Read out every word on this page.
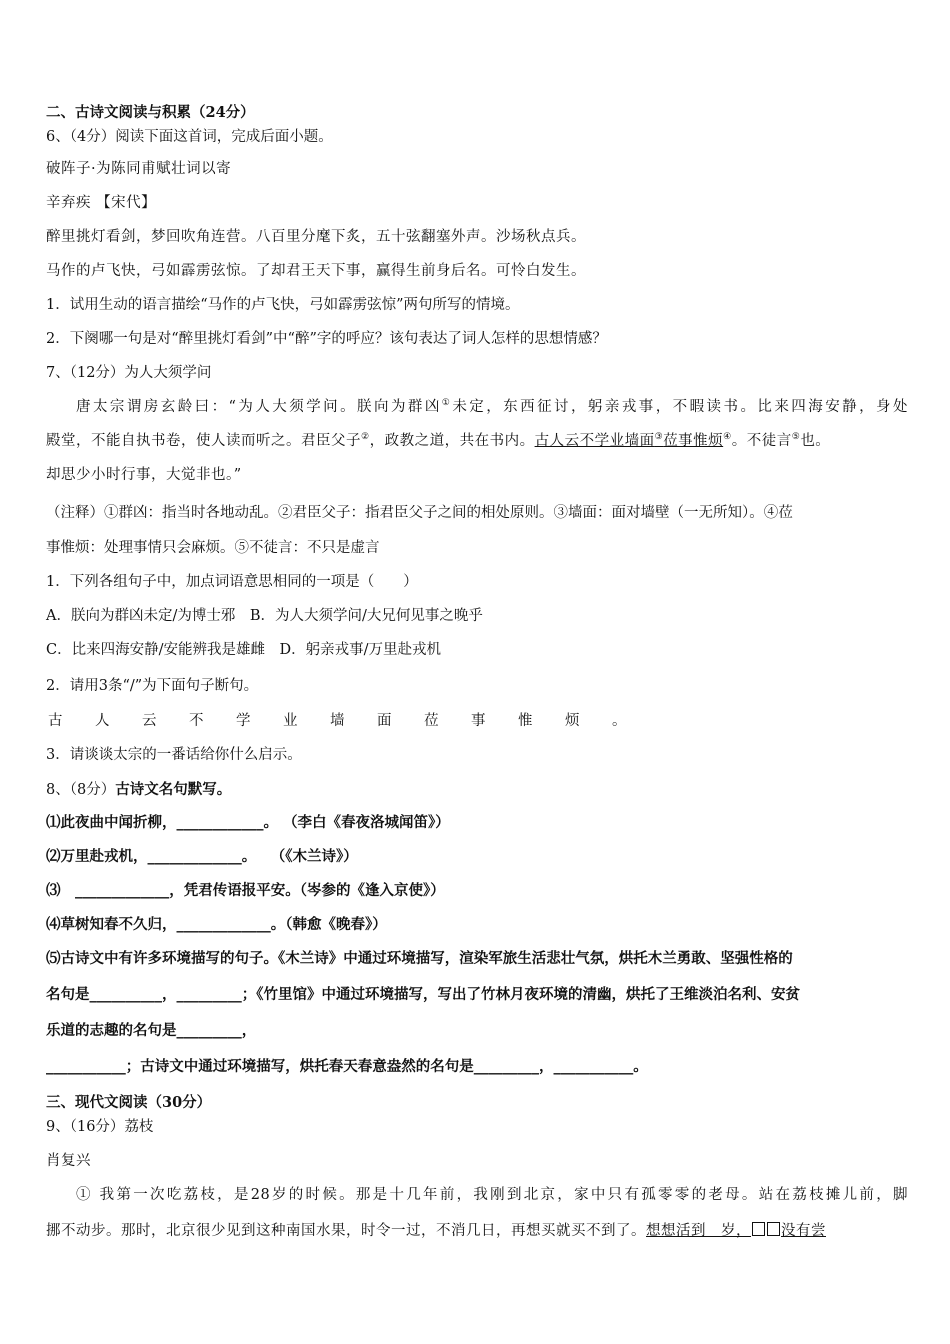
二、古诗文阅读与积累（24分）
6、（4分）阅读下面这首词，完成后面小题。
破阵子·为陈同甫赋壮词以寄
辛弃疾 【宋代】
醉里挑灯看剑，梦回吹角连营。八百里分麾下炙，五十弦翻塞外声。沙场秋点兵。
马作的卢飞快，弓如霹雳弦惊。了却君王天下事，赢得生前身后名。可怜白发生。
1．试用生动的语言描绘“马作的卢飞快，弓如霹雳弦惊”两句所写的情境。
2．下阕哪一句是对“醉里挑灯看剑”中“醉”字的呼应？该句表达了词人怎样的思想情感？
7、（12分）为人大须学问
唐太宗谓房玄龄曰：“为人大须学问。朕向为群凶①未定，东西征讨，躬亲戎事，不暇读书。比来四海安静，身处
殿堂，不能自执书卷，使人读而听之。君臣父子②，政教之道，共在书内。古人云不学业墙面③莅事惟烦④。不徒言⑤也。
却思少小时行事，大觉非也。”
（注释）①群凶：指当时各地动乱。②君臣父子：指君臣父子之间的相处原则。③墙面：面对墙壁（一无所知）。④莅
事惟烦：处理事情只会麻烦。⑤不徒言：不只是虚言
1．下列各组句子中，加点词语意思相同的一项是（　　）
A．朕向为群凶未定/为博士邪　B．为人大须学问/大兄何见事之晚乎
C．比来四海安静/安能辨我是雄雌　D．躬亲戎事/万里赴戎机
2．请用3条“/”为下面句子断句。
古 人 云 不 学 业 墙 面 莅 事 惟 烦 。
3．请谈谈太宗的一番话给你什么启示。
8、（8分）古诗文名句默写。
⑴此夜曲中闻折柳，____________。 （李白《春夜洛城闻笛》）
⑵万里赴戎机，_____________。　　（《木兰诗》）
⑶　_____________，凭君传语报平安。（岑参的《逢入京使》）
⑷草树知春不久归，_____________。（韩愈《晚春》）
⑸古诗文中有许多环境描写的句子。《木兰诗》中通过环境描写，渲染军旅生活悲壮气氛，烘托木兰勇敢、坚强性格的
名句是__________，_________；《竹里馆》中通过环境描写，写出了竹林月夜环境的清幽，烘托了王维淡泊名利、安贫
乐道的志趣的名句是_________，
___________；古诗文中通过环境描写，烘托春天春意盎然的名句是_________，___________。
三、现代文阅读（30分）
9、（16分）荔枝
肖复兴
① 我第一次吃荔枝，是28岁的时候。那是十几年前，我刚到北京，家中只有孤零零的老母。站在荔枝摊儿前，脚
挪不动步。那时，北京很少见到这种南国水果，时令一过，不消几日，再想买就买不到了。想想活到　岁， 没有尝
